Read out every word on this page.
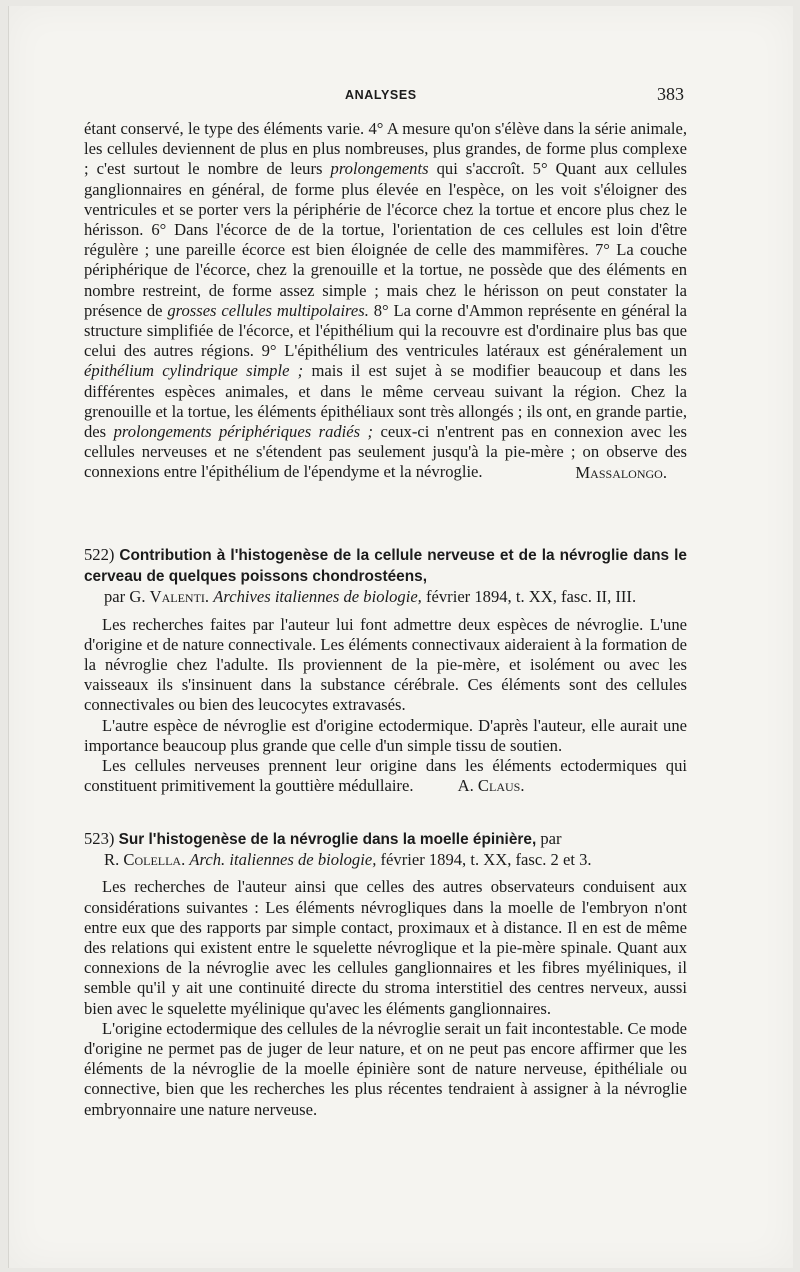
ANALYSES	383

étant conservé, le type des éléments varie. 4° A mesure qu'on s'élève dans la série animale, les cellules deviennent de plus en plus nombreuses, plus grandes, de forme plus complexe ; c'est surtout le nombre de leurs prolongements qui s'accroît. 5° Quant aux cellules ganglionnaires en général, de forme plus élevée en l'espèce, on les voit s'éloigner des ventricules et se porter vers la périphérie de l'écorce chez la tortue et encore plus chez le hérisson. 6° Dans l'écorce de de la tortue, l'orientation de ces cellules est loin d'être régulère ; une pareille écorce est bien éloignée de celle des mammifères. 7° La couche périphérique de l'écorce, chez la grenouille et la tortue, ne possède que des éléments en nombre restreint, de forme assez simple ; mais chez le hérisson on peut constater la présence de grosses cellules multipolaires. 8° La corne d'Ammon représente en général la structure simplifiée de l'écorce, et l'épithélium qui la recouvre est d'ordinaire plus bas que celui des autres régions. 9° L'épithélium des ventricules latéraux est généralement un épithélium cylindrique simple ; mais il est sujet à se modifier beaucoup et dans les différentes espèces animales, et dans le même cerveau suivant la région. Chez la grenouille et la tortue, les éléments épithéliaux sont très allongés ; ils ont, en grande partie, des prolongements périphériques radiés ; ceux-ci n'entrent pas en connexion avec les cellules nerveuses et ne s'étendent pas seulement jusqu'à la pie-mère ; on observe des connexions entre l'épithélium de l'épendyme et la névroglie.	Massalongo.

522) Contribution à l'histogenèse de la cellule nerveuse et de la névroglie dans le cerveau de quelques poissons chondrostéens,

par G. Valenti. Archives italiennes de biologie, février 1894, t. XX, fasc. II, III.

Les recherches faites par l'auteur lui font admettre deux espèces de névroglie. L'une d'origine et de nature connectivale. Les éléments connectivaux aideraient à la formation de la névroglie chez l'adulte. Ils proviennent de la pie-mère, et isolément ou avec les vaisseaux ils s'insinuent dans la substance cérébrale. Ces éléments sont des cellules connectivales ou bien des leucocytes extravasés.

L'autre espèce de névroglie est d'origine ectodermique. D'après l'auteur, elle aurait une importance beaucoup plus grande que celle d'un simple tissu de soutien.

Les cellules nerveuses prennent leur origine dans les éléments ectodermiques qui constituent primitivement la gouttière médullaire.	A. Claus.

523) Sur l'histogenèse de la névroglie dans la moelle épinière, par

R. Colella. Arch. italiennes de biologie, février 1894, t. XX, fasc. 2 et 3.

Les recherches de l'auteur ainsi que celles des autres observateurs conduisent aux considérations suivantes : Les éléments névrogliques dans la moelle de l'embryon n'ont entre eux que des rapports par simple contact, proximaux et à distance. Il en est de même des relations qui existent entre le squelette névroglique et la pie-mère spinale. Quant aux connexions de la névroglie avec les cellules ganglionnaires et les fibres myéliniques, il semble qu'il y ait une continuité directe du stroma interstitiel des centres nerveux, aussi bien avec le squelette myélinique qu'avec les éléments ganglionnaires.

L'origine ectodermique des cellules de la névroglie serait un fait incontestable. Ce mode d'origine ne permet pas de juger de leur nature, et on ne peut pas encore affirmer que les éléments de la névroglie de la moelle épinière sont de nature nerveuse, épithéliale ou connective, bien que les recherches les plus récentes tendraient à assigner à la névroglie embryonnaire une nature nerveuse.
